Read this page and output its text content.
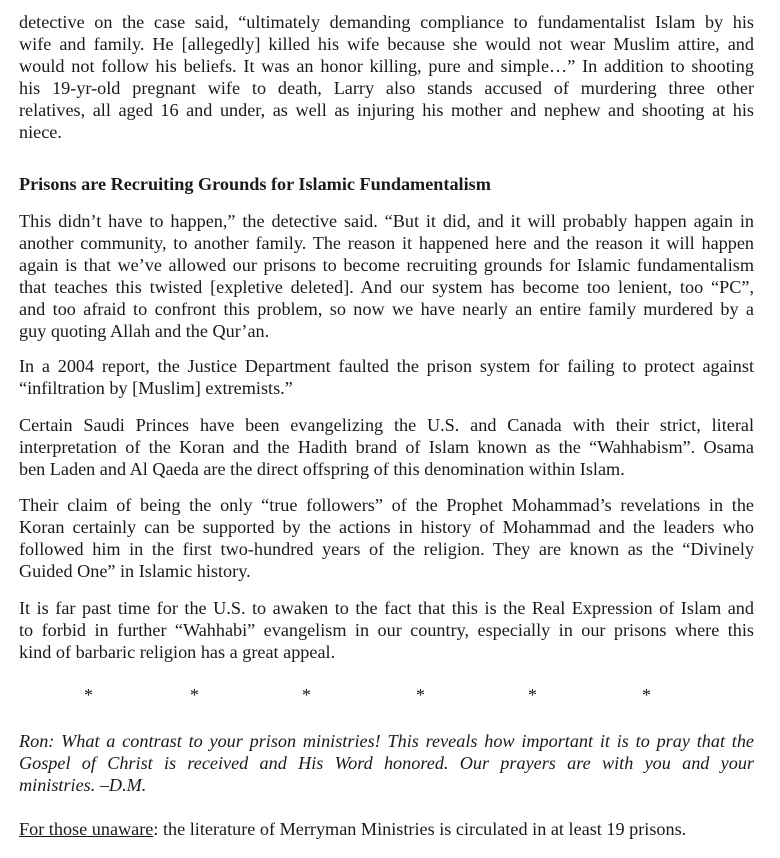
detective on the case said, “ultimately demanding compliance to fundamentalist Islam by his
wife and family. He [allegedly] killed his wife because she would not wear Muslim attire, and
would not follow his beliefs. It was an honor killing, pure and simple…” In addition to shooting
his 19-yr-old pregnant wife to death, Larry also stands accused of murdering three other
relatives, all aged 16 and under, as well as injuring his mother and nephew and shooting at his
niece.

Prisons are Recruiting Grounds for Islamic Fundamentalism

This didn’t have to happen,” the detective said. “But it did, and it will probably happen again in
another community, to another family. The reason it happened here and the reason it will happen
again is that we’ve allowed our prisons to become recruiting grounds for Islamic fundamentalism
that teaches this twisted [expletive deleted]. And our system has become too lenient, too “PC”,
and too afraid to confront this problem, so now we have nearly an entire family murdered by a
guy quoting Allah and the Qur’an.

In a 2004 report, the Justice Department faulted the prison system for failing to protect against
“infiltration by [Muslim] extremists.”

Certain Saudi Princes have been evangelizing the U.S. and Canada with their strict, literal
interpretation of the Koran and the Hadith brand of Islam known as the “Wahhabism”. Osama
ben Laden and Al Qaeda are the direct offspring of this denomination within Islam.

Their claim of being the only “true followers” of the Prophet Mohammad’s revelations in the
Koran certainly can be supported by the actions in history of Mohammad and the leaders who
followed him in the first two-hundred years of the religion. They are known as the “Divinely
Guided One” in Islamic history.

It is far past time for the U.S. to awaken to the fact that this is the Real Expression of Islam and
to forbid in further “Wahhabi” evangelism in our country, especially in our prisons where this
kind of barbaric religion has a great appeal.

*	*	*	*	*	*

Ron: What a contrast to your prison ministries! This reveals how important it is to pray that the
Gospel of Christ is received and His Word honored. Our prayers are with you and your
ministries. –D.M.

For those unaware: the literature of Merryman Ministries is circulated in at least 19 prisons.
